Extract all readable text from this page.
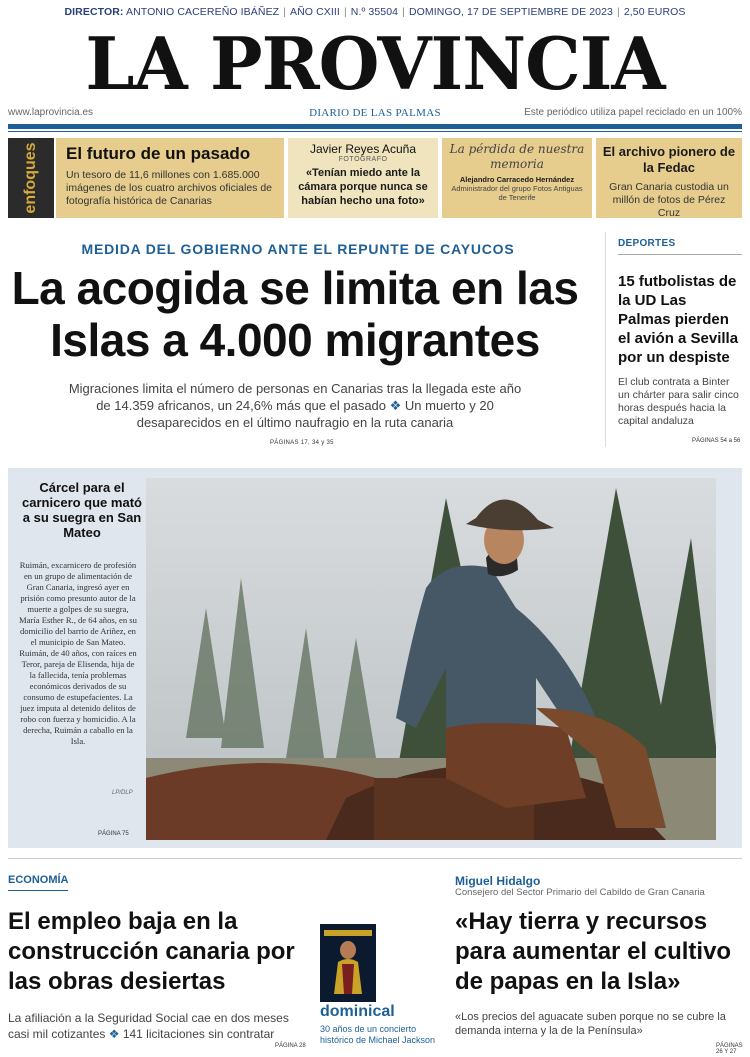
DIRECTOR: ANTONIO CACEREÑO IBÁÑEZ | AÑO CXIII | N.º 35504 | DOMINGO, 17 DE SEPTIEMBRE DE 2023 | 2,50 EUROS
LA PROVINCIA
www.laprovincia.es	DIARIO DE LAS PALMAS	Este periódico utiliza papel reciclado en un 100%
enfoques El futuro de un pasado
Un tesoro de 11,6 millones con 1.685.000 imágenes de los cuatro archivos oficiales de fotografía histórica de Canarias
Javier Reyes Acuña
FOTÓGRAFO
«Tenían miedo ante la cámara porque nunca se habían hecho una foto»
La pérdida de nuestra memoria
Alejandro Carracedo Hernández
Administrador del grupo Fotos Antiguas de Tenerife
El archivo pionero de la Fedac
Gran Canaria custodia un millón de fotos de Pérez Cruz
MEDIDA DEL GOBIERNO ANTE EL REPUNTE DE CAYUCOS
La acogida se limita en las Islas a 4.000 migrantes
Migraciones limita el número de personas en Canarias tras la llegada este año de 14.359 africanos, un 24,6% más que el pasado ❖ Un muerto y 20 desaparecidos en el último naufragio en la ruta canaria
PÁGINAS 17, 34 y 35
DEPORTES
15 futbolistas de la UD Las Palmas pierden el avión a Sevilla por un despiste
El club contrata a Binter un chárter para salir cinco horas después hacia la capital andaluza
PÁGINAS 54 a 56
Cárcel para el carnicero que mató a su suegra en San Mateo
Ruimán, excarnicero de profesión en un grupo de alimentación de Gran Canaria, ingresó ayer en prisión como presunto autor de la muerte a golpes de su suegra, María Esther R., de 64 años, en su domicilio del barrio de Ariñez, en el municipio de San Mateo. Ruimán, de 40 años, con raíces en Teror, pareja de Elisenda, hija de la fallecida, tenía problemas económicos derivados de su consumo de estupefacientes. La juez imputa al detenido delitos de robo con fuerza y homicidio. A la derecha, Ruimán a caballo en la Isla.
LP/DLP
PÁGINA 75
ECONOMÍA
El empleo baja en la construcción canaria por las obras desiertas
La afiliación a la Seguridad Social cae en dos meses casi mil cotizantes ❖ 141 licitaciones sin contratar
PÁGINA 28
dominical
30 años de un concierto histórico de Michael Jackson
Miguel Hidalgo
Consejero del Sector Primario del Cabildo de Gran Canaria
«Hay tierra y recursos para aumentar el cultivo de papas en la Isla»
«Los precios del aguacate suben porque no se cubre la demanda interna y la de la Península»
PÁGINAS 26 Y 27
